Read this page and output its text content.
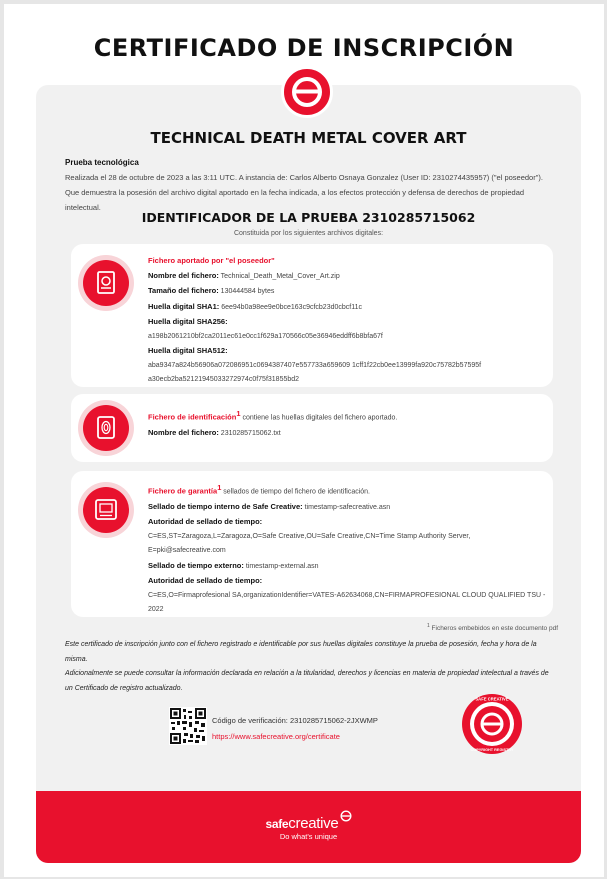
CERTIFICADO DE INSCRIPCIÓN
TECHNICAL DEATH METAL COVER ART
Prueba tecnológica
Realizada el 28 de octubre de 2023 a las 3:11 UTC. A instancia de: Carlos Alberto Osnaya Gonzalez (User ID: 2310274435957) ("el poseedor"). Que demuestra la posesión del archivo digital aportado en la fecha indicada, a los efectos protección y defensa de derechos de propiedad intelectual.
IDENTIFICADOR DE LA PRUEBA 2310285715062
Constituida por los siguientes archivos digitales:
Fichero aportado por "el poseedor"
Nombre del fichero: Technical_Death_Metal_Cover_Art.zip
Tamaño del fichero: 130444584 bytes
Huella digital SHA1: 6ee94b0a98ee9e0bce163c9cfcb23d0cbcf11c
Huella digital SHA256:
a198b2061210bf2ca2011ec61e0cc1f629a170566c05e36946eddff6b8bfa67f
Huella digital SHA512:
aba9347a824b56906a072086951c0694387407e557733a659609 1cff1f22cb0ee13999fa920c75782b57595f
a30ecb2ba52121945033272974c0f75f31855bd2
Fichero de identificación$^1$ contiene las huellas digitales del fichero aportado.
Nombre del fichero: 2310285715062.txt
Fichero de garantía$^1$ sellados de tiempo del fichero de identificación.
Sellado de tiempo interno de Safe Creative: timestamp-safecreative.asn
Autoridad de sellado de tiempo:
C=ES,ST=Zaragoza,L=Zaragoza,O=Safe Creative,OU=Safe Creative,CN=Time Stamp Authority Server, E=pki@safecreative.com
Sellado de tiempo externo: timestamp-external.asn
Autoridad de sellado de tiempo:
C=ES,O=Firmaprofesional SA,organizationIdentifier=VATES-A62634068,CN=FIRMAPROFESIONAL CLOUD QUALIFIED TSU - 2022
$^1$ Ficheros embebidos en este documento pdf
Este certificado de inscripción junto con el fichero registrado e identificable por sus huellas digitales constituye la prueba de posesión, fecha y hora de la misma.
Adicionalmente se puede consultar la información declarada en relación a la titularidad, derechos y licencias en materia de propiedad intelectual a través de un Certificado de registro actualizado.
Código de verificación: 2310285715062-2JXWMP
https://www.safecreative.org/certificate
SAFE CREATIVE
COPYRIGHT REGISTRY
safecreative
Do what's unique
